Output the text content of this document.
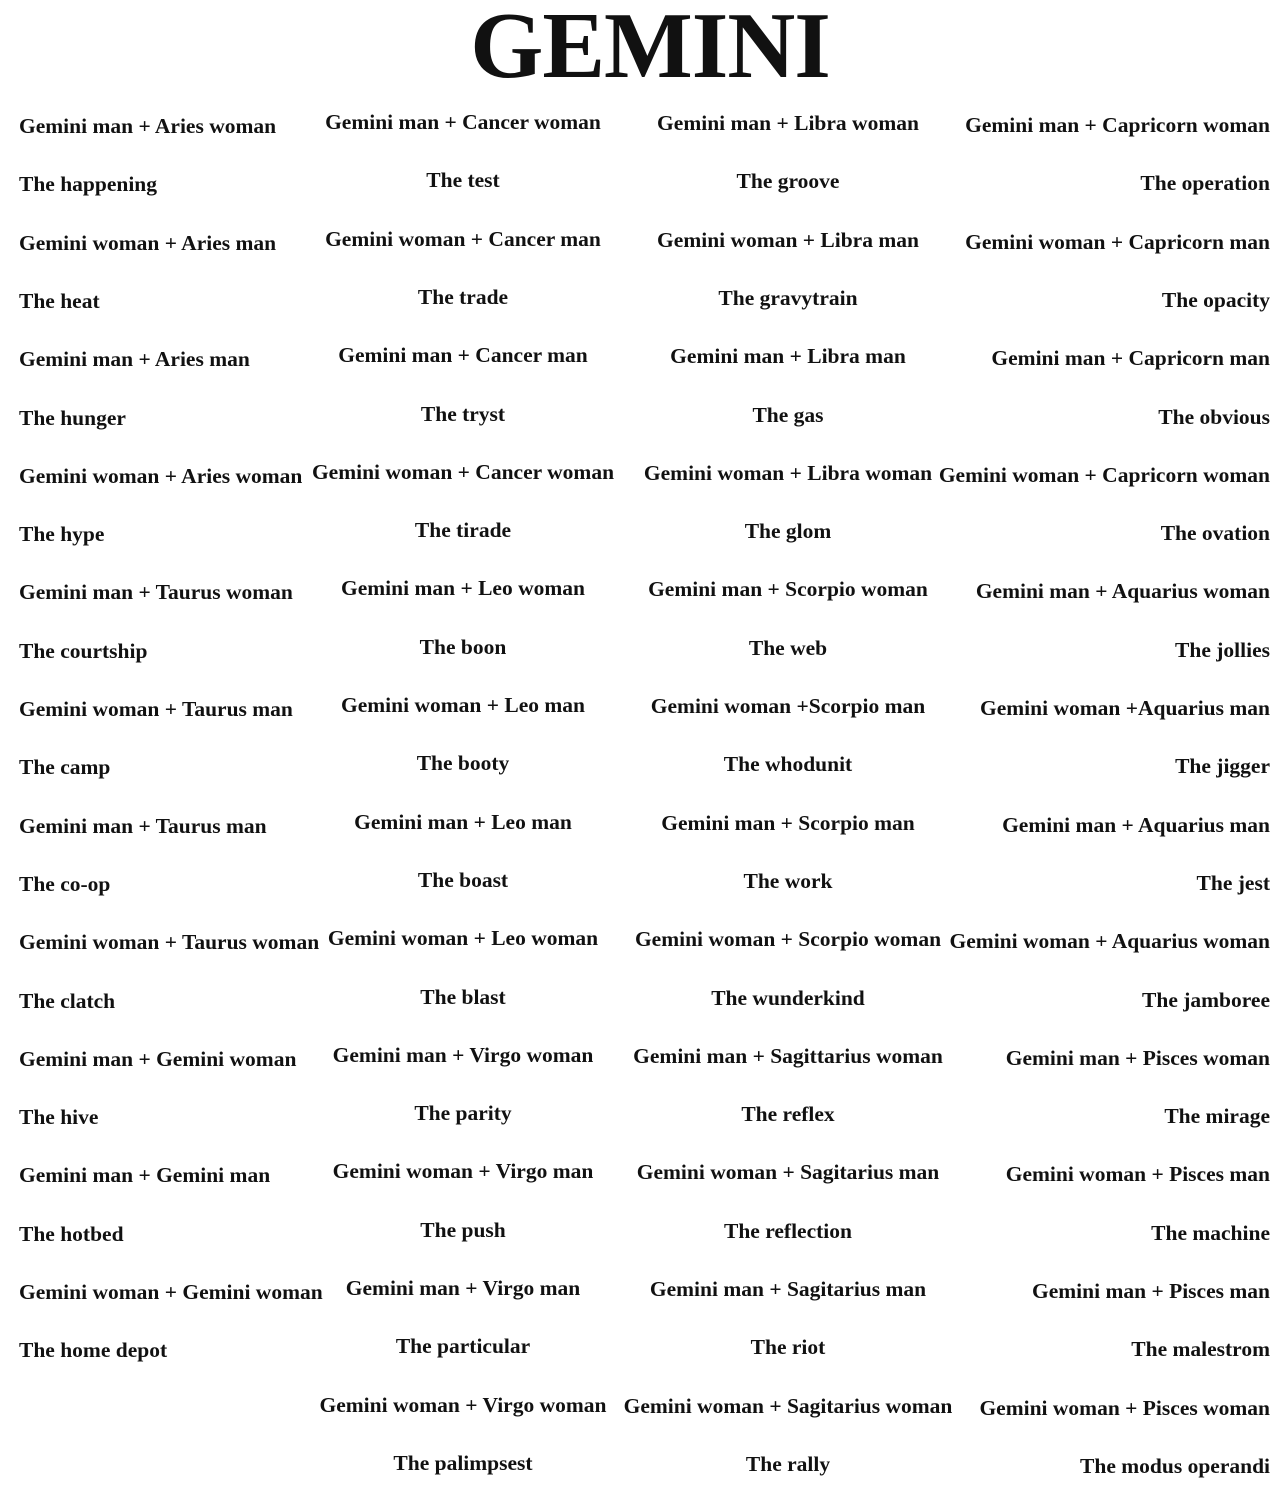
GEMINI
Gemini man + Aries woman
The happening
Gemini woman + Aries man
The heat
Gemini man + Aries man
The hunger
Gemini woman + Aries woman
The hype
Gemini man + Taurus woman
The courtship
Gemini woman + Taurus man
The camp
Gemini man + Taurus man
The co-op
Gemini woman + Taurus woman
The clatch
Gemini man + Gemini woman
The hive
Gemini man + Gemini man
The hotbed
Gemini woman + Gemini woman
The home depot
Gemini man + Cancer woman
The test
Gemini woman + Cancer man
The trade
Gemini man + Cancer man
The tryst
Gemini woman + Cancer woman
The tirade
Gemini man + Leo woman
The boon
Gemini woman + Leo man
The booty
Gemini man + Leo man
The boast
Gemini woman + Leo woman
The blast
Gemini man + Virgo woman
The parity
Gemini woman + Virgo man
The push
Gemini man + Virgo man
The particular
Gemini woman + Virgo woman
The palimpsest
Gemini man + Libra woman
The groove
Gemini woman + Libra man
The gravytrain
Gemini man + Libra man
The gas
Gemini woman + Libra woman
The glom
Gemini man + Scorpio woman
The web
Gemini woman +Scorpio man
The whodunit
Gemini man + Scorpio man
The work
Gemini woman + Scorpio woman
The wunderkind
Gemini man + Sagittarius woman
The reflex
Gemini woman + Sagitarius man
The reflection
Gemini man + Sagitarius man
The riot
Gemini woman + Sagitarius woman
The rally
Gemini man + Capricorn woman
The operation
Gemini woman + Capricorn man
The opacity
Gemini man + Capricorn man
The obvious
Gemini woman + Capricorn woman
The ovation
Gemini man + Aquarius woman
The jollies
Gemini woman +Aquarius man
The jigger
Gemini man + Aquarius man
The jest
Gemini woman + Aquarius woman
The jamboree
Gemini man + Pisces woman
The mirage
Gemini woman + Pisces man
The machine
Gemini man + Pisces man
The malestrom
Gemini woman + Pisces woman
The modus operandi
